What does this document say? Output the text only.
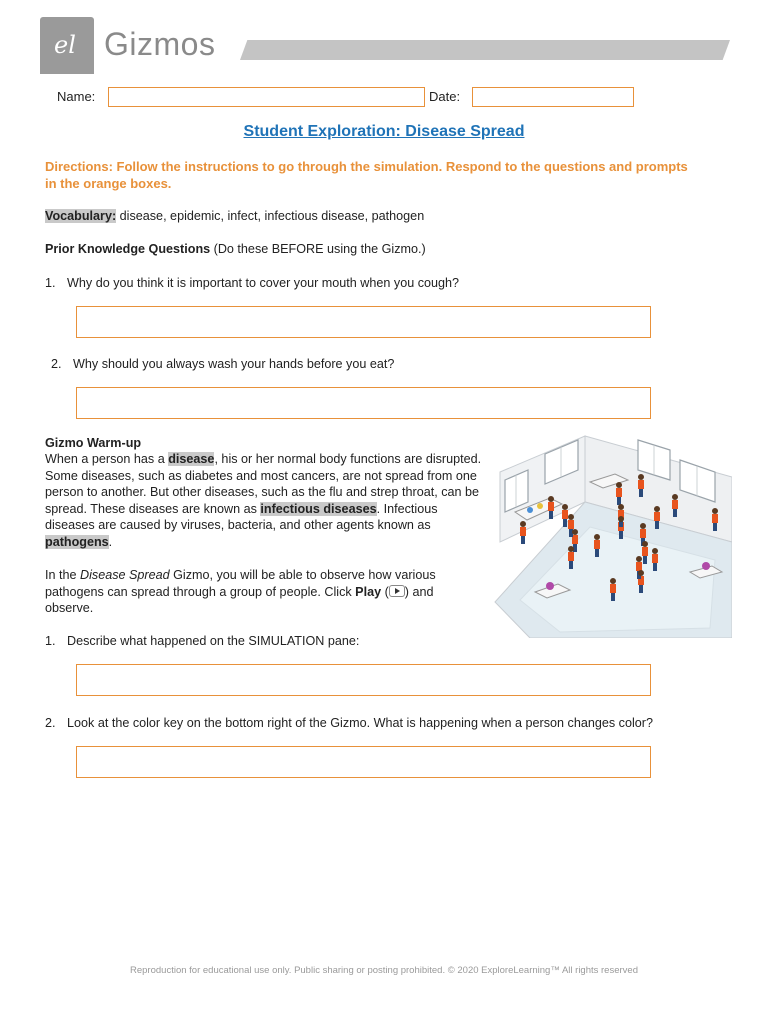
el Gizmos
Name:	Date:
Student Exploration: Disease Spread
Directions: Follow the instructions to go through the simulation. Respond to the questions and prompts in the orange boxes.
Vocabulary: disease, epidemic, infect, infectious disease, pathogen
Prior Knowledge Questions (Do these BEFORE using the Gizmo.)
1. Why do you think it is important to cover your mouth when you cough?
2. Why should you always wash your hands before you eat?
Gizmo Warm-up
When a person has a disease, his or her normal body functions are disrupted. Some diseases, such as diabetes and most cancers, are not spread from one person to another. But other diseases, such as the flu and strep throat, can be spread. These diseases are known as infectious diseases. Infectious diseases are caused by viruses, bacteria, and other agents known as pathogens.
In the Disease Spread Gizmo, you will be able to observe how various pathogens can spread through a group of people. Click Play ( ) and observe.
1. Describe what happened on the SIMULATION pane:
2. Look at the color key on the bottom right of the Gizmo. What is happening when a person changes color?
Reproduction for educational use only. Public sharing or posting prohibited. © 2020 ExploreLearning™ All rights reserved
